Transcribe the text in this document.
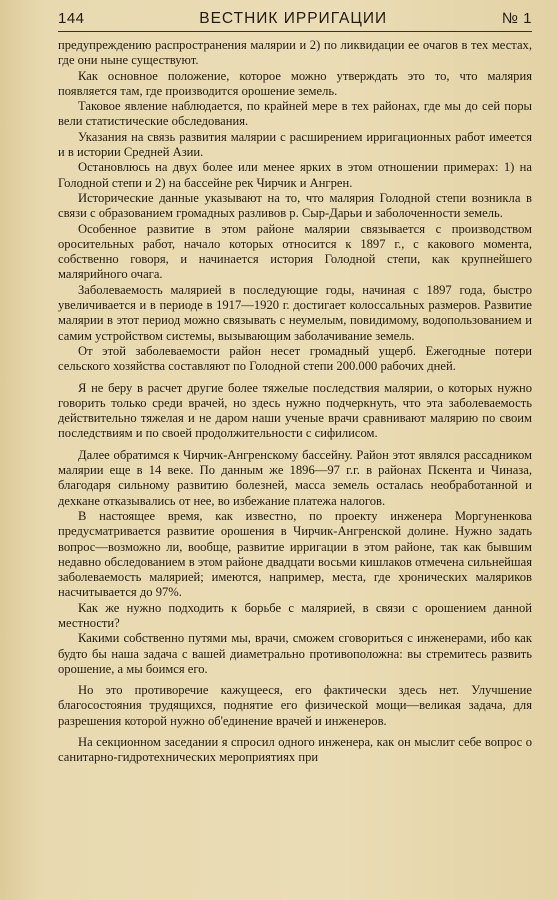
144	ВЕСТНИК ИРРИГАЦИИ	№ 1

предупреждению распространения малярии и 2) по ликвидации ее очагов в тех местах, где они ныне существуют.

Как основное положение, которое можно утверждать это то, что малярия появляется там, где производится орошение земель.

Таковое явление наблюдается, по крайней мере в тех районах, где мы до сей поры вели статистические обследования.

Указания на связь развития малярии с расширением ирригационных работ имеется и в истории Средней Азии.

Остановлюсь на двух более или менее ярких в этом отношении примерах: 1) на Голодной степи и 2) на бассейне рек Чирчик и Ангрен.

Исторические данные указывают на то, что малярия Голодной степи возникла в связи с образованием громадных разливов р. Сыр-Дарьи и заболоченности земель.

Особенное развитие в этом районе малярии связывается с производством оросительных работ, начало которых относится к 1897 г., с каковогo момента, собственно говоря, и начинается история Голодной степи, как крупнейшего малярийного очага.

Заболеваемость малярией в последующие годы, начиная с 1897 года, быстро увеличивается и в периоде в 1917—1920 г. достигает колоссальных размеров. Развитие малярии в этот период можно связывать с неумелым, повидимому, водопользованием и самим устройством системы, вызывающим заболачивание земель.

От этой заболеваемости район несет громадный ущерб. Ежегодные потери сельского хозяйства составляют по Голодной степи 200.000 рабочих дней.

Я не беру в расчет другие более тяжелые последствия малярии, о которых нужно говорить только среди врачей, но здесь нужно подчеркнуть, что эта заболеваемость действительно тяжелая и не даром наши ученые врачи сравнивают малярию по своим последствиям и по своей продолжительности с сифилисом.

Далее обратимся к Чирчик-Ангренскому бассейну. Район этот являлся рассадником малярии еще в 14 веке. По данным же 1896—97 г.г. в районах Пскента и Чиназа, благодаря сильному развитию болезней, масса земель осталась необработанной и дехкане отказывались от нее, во избежание платежа налогов.

В настоящее время, как известно, по проекту инженера Моргуненкова предусматривается развитие орошения в Чирчик-Ангренской долине. Нужно задать вопрос—возможно ли, вообще, развитие ирригации в этом районе, так как бывшим недавно обследованием в этом районе двадцати восьми кишлаков отмечена сильнейшая заболеваемость малярией; имеются, например, места, где хронических маляриков насчитывается до 97%.

Как же нужно подходить к борьбе с малярией, в связи с орошением данной местности?

Какими собственно путями мы, врачи, сможем сговориться с инженерами, ибо как будто бы наша задача с вашей диаметрально противоположна: вы стремитесь развить орошение, а мы боимся его.

Но это противоречие кажущееся, его фактически здесь нет. Улучшение благосостояния трудящихся, поднятие его физической мощи—великая задача, для разрешения которой нужно об'единение врачей и инженеров.

На секционном заседании я спросил одного инженера, как он мыслит себе вопрос о санитарно-гидротехнических мероприятиях при
